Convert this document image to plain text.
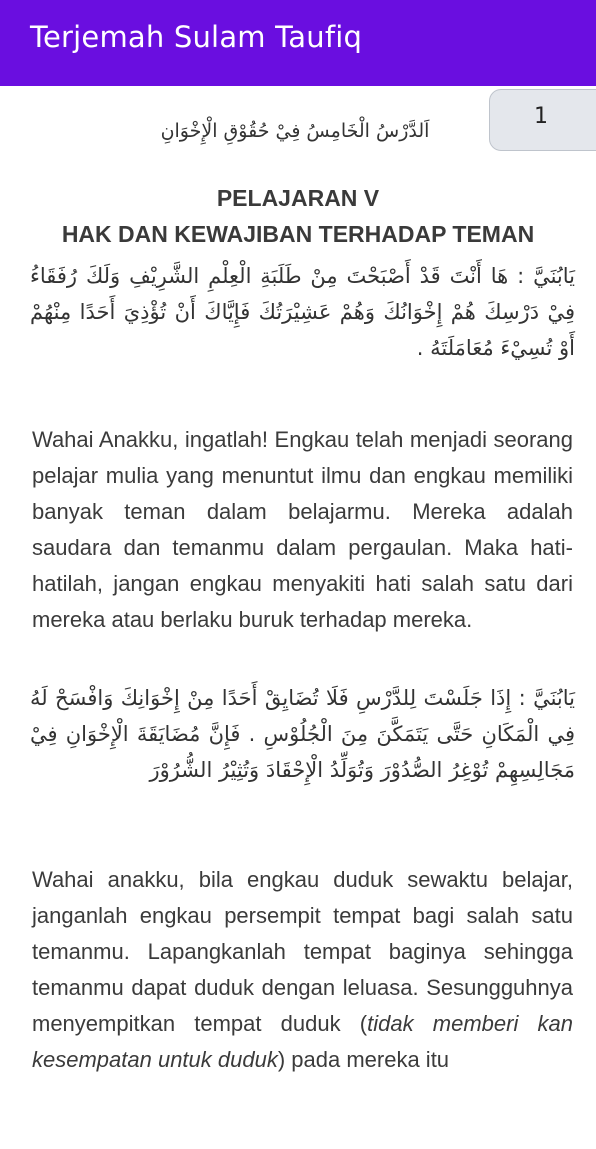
Terjemah Sulam Taufiq
1
اَلدَّرْسُ الْخَامِسُ فِيْ حُقُوْقِ الْإِخْوَانِ
PELAJARAN V
HAK DAN KEWAJIBAN TERHADAP TEMAN
يَابُنَيَّ : هَا أَنْتَ قَدْ أَصْبَحْتَ مِنْ طَلَبَةِ الْعِلْمِ الشَّرِيْفِ وَلَكَ رُفَقَاءُ فِيْ دَرْسِكَ هُمْ إِخْوَانُكَ وَهُمْ عَشِيْرَتُكَ فَإِيَّاكَ أَنْ تُؤْذِيَ أَحَدًا مِنْهُمْ أَوْ تُسِيْءَ مُعَامَلَتَهُ .
Wahai Anakku, ingatlah! Engkau telah menjadi seorang pelajar mulia yang menuntut ilmu dan engkau memiliki banyak teman dalam belajarmu. Mereka adalah saudara dan temanmu dalam pergaulan. Maka hati-hatilah, jangan engkau menyakiti hati salah satu dari mereka atau berlaku buruk terhadap mereka.
يَابُنَيَّ : إِذَا جَلَسْتَ لِلدَّرْسِ فَلَا تُضَايِقْ أَحَدًا مِنْ إِخْوَانِكَ وَافْسَحْ لَهُ فِي الْمَكَانِ حَتَّى يَتَمَكَّنَ مِنَ الْجُلُوْسِ . فَإِنَّ مُضَايَقَةَ الْإِخْوَانِ فِيْ مَجَالِسِهِمْ تُوْغِرُ الصُّدُوْرَ وَتُوَلِّدُ الْإِحْقَادَ وَتُثِيْرُ الشُّرُوْرَ
Wahai anakku, bila engkau duduk sewaktu belajar, janganlah engkau persempit tempat bagi salah satu temanmu. Lapangkanlah tempat baginya sehingga temanmu dapat duduk dengan leluasa. Sesungguhnya menyempitkan tempat duduk (tidak memberi kan kesempatan untuk duduk) pada mereka itu
